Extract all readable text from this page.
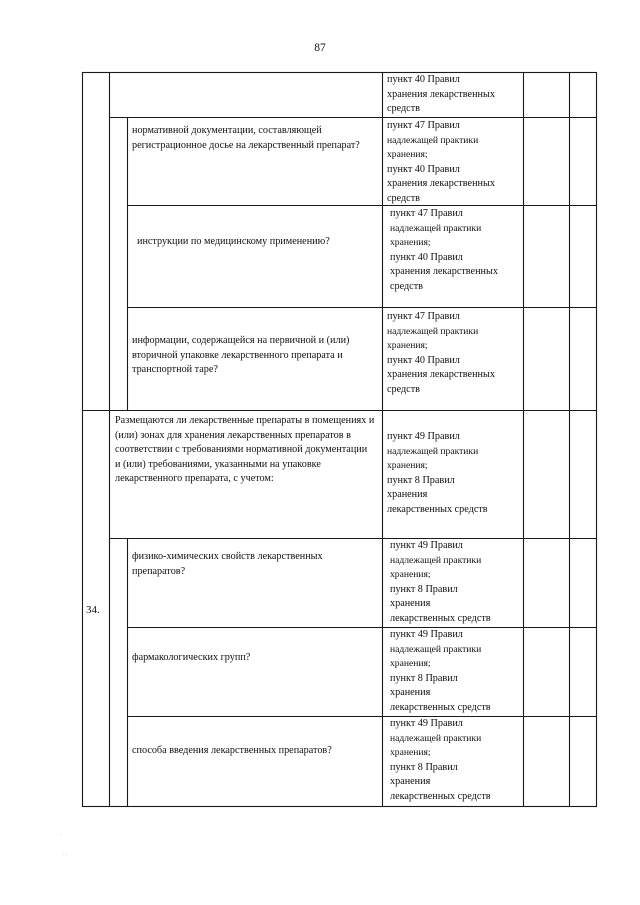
87
пункт 40 Правил
хранения лекарственных
средств
нормативной документации, составляющей регистрационное досье на лекарственный препарат?
пункт 47 Правил
надлежащей практики
хранения;
пункт 40 Правил
хранения лекарственных
средств
инструкции по медицинскому применению?
пункт 47 Правил
надлежащей практики
хранения;
пункт 40 Правил
хранения лекарственных
средств
информации, содержащейся на первичной и (или) вторичной упаковке лекарственного препарата и транспортной таре?
пункт 47 Правил
надлежащей практики
хранения;
пункт 40 Правил
хранения лекарственных
средств
Размещаются ли лекарственные препараты в помещениях и (или) зонах для хранения лекарственных препаратов в соответствии с требованиями нормативной документации и (или) требованиями, указанными на упаковке лекарственного препарата, с учетом:
пункт 49 Правил
надлежащей практики
хранения;
пункт 8 Правил
хранения
лекарственных средств
физико-химических свойств лекарственных препаратов?
пункт 49 Правил
надлежащей практики
хранения;
пункт 8 Правил
хранения
лекарственных средств
фармакологических групп?
пункт 49 Правил
надлежащей практики
хранения;
пункт 8 Правил
хранения
лекарственных средств
способа введения лекарственных препаратов?
пункт 49 Правил
надлежащей практики
хранения;
пункт 8 Правил
хранения
лекарственных средств
34.
·
· ·
·
